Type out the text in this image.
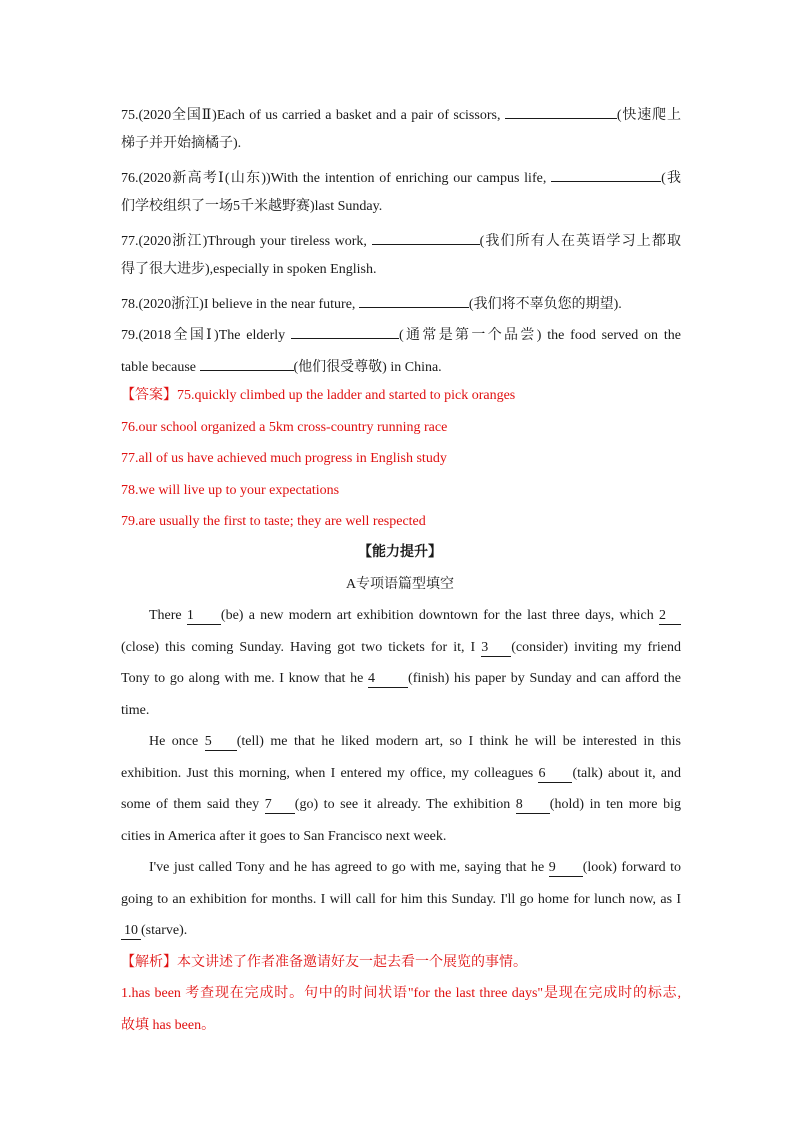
75.(2020全国Ⅱ)Each of us carried a basket and a pair of scissors,	(快速爬上
梯子并开始摘橘子).
76.(2020新高考Ⅰ(山东))With the intention of enriching our campus life,	(我
们学校组织了一场5千米越野赛)last Sunday.
77.(2020浙江)Through your tireless work,	(我们所有人在英语学习上都取
得了很大进步),especially in spoken English.
78.(2020浙江)I believe in the near future,	(我们将不辜负您的期望).
79.(2018全国Ⅰ)The elderly	(通常是第一个品尝) the food served on the
table because	(他们很受尊敬) in China.
【答案】75.quickly climbed up the ladder and started to pick oranges
76.our school organized a 5km cross-country running race
77.all of us have achieved much progress in English study
78.we will live up to your expectations
79.are usually the first to taste; they are well respected
【能力提升】
A专项语篇型填空
There 1 (be) a new modern art exhibition downtown for the last three days, which 2
(close) this coming Sunday. Having got two tickets for it, I 3 (consider) inviting my friend
Tony to go along with me. I know that he 4 (finish) his paper by Sunday and can afford the
time.
He once 5 (tell) me that he liked modern art, so I think he will be interested in this
exhibition. Just this morning, when I entered my office, my colleagues 6 (talk) about it, and
some of them said they 7 (go) to see it already. The exhibition 8 (hold) in ten more big
cities in America after it goes to San Francisco next week.
I've just called Tony and he has agreed to go with me, saying that he 9 (look) forward to
going to an exhibition for months. I will call for him this Sunday. I'll go home for lunch now, as I
10 (starve).
【解析】本文讲述了作者准备邀请好友一起去看一个展览的事情。
1.has been 考查现在完成时。句中的时间状语"for the last three days"是现在完成时的标志,
故填 has been。
